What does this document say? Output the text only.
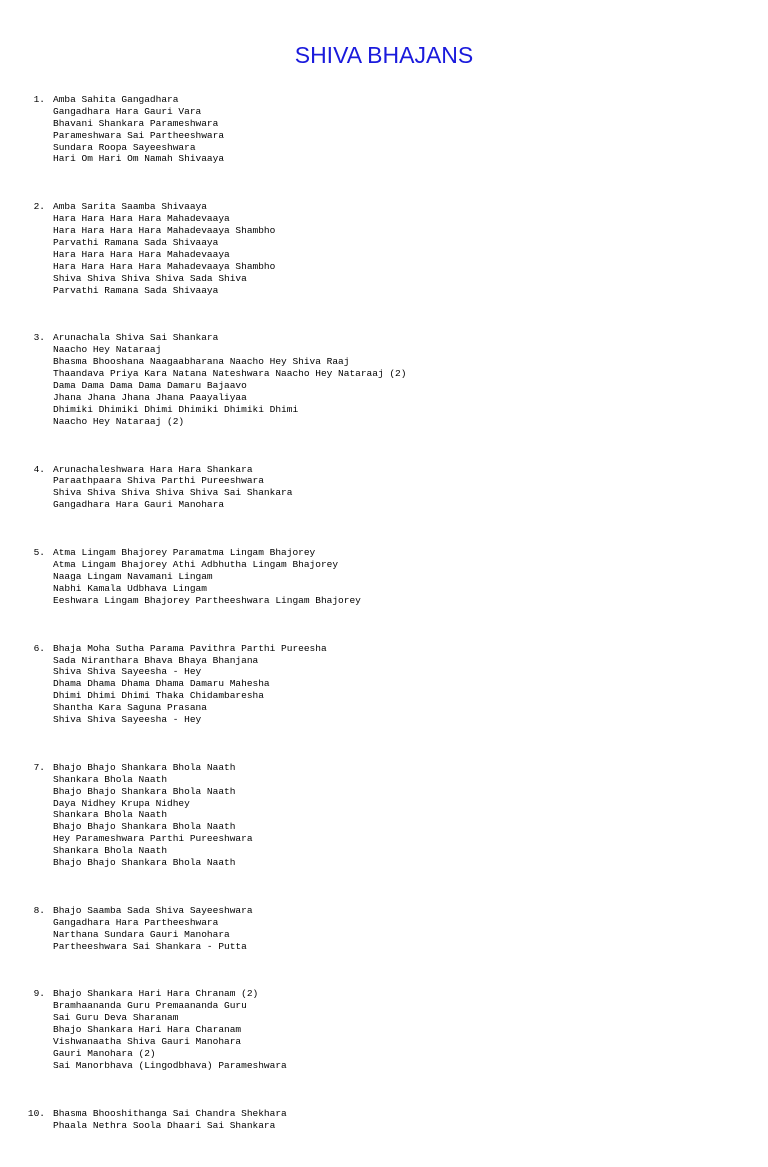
SHIVA BHAJANS
1. Amba Sahita Gangadhara
Gangadhara Hara Gauri Vara
Bhavani Shankara Parameshwara
Parameshwara Sai Partheeshwara
Sundara Roopa Sayeeshwara
Hari Om Hari Om Namah Shivaaya
2. Amba Sarita Saamba Shivaaya
Hara Hara Hara Hara Mahadevaaya
Hara Hara Hara Hara Mahadevaaya Shambho
Parvathi Ramana Sada Shivaaya
Hara Hara Hara Hara Mahadevaaya
Hara Hara Hara Hara Mahadevaaya Shambho
Shiva Shiva Shiva Shiva Sada Shiva
Parvathi Ramana Sada Shivaaya
3. Arunachala Shiva Sai Shankara
Naacho Hey Nataraaj
Bhasma Bhooshana Naagaabharana Naacho Hey Shiva Raaj
Thaandava Priya Kara Natana Nateshwara Naacho Hey Nataraaj (2)
Dama Dama Dama Dama Damaru Bajaavo
Jhana Jhana Jhana Jhana Paayaliyaa
Dhimiki Dhimiki Dhimi Dhimiki Dhimiki Dhimi
Naacho Hey Nataraaj (2)
4. Arunachaleshwara Hara Hara Shankara
Paraathpaara Shiva Parthi Pureeshwara
Shiva Shiva Shiva Shiva Shiva Sai Shankara
Gangadhara Hara Gauri Manohara
5. Atma Lingam Bhajorey Paramatma Lingam Bhajorey
Atma Lingam Bhajorey Athi Adbhutha Lingam Bhajorey
Naaga Lingam Navamani Lingam
Nabhi Kamala Udbhava Lingam
Eeshwara Lingam Bhajorey Partheeshwara Lingam Bhajorey
6. Bhaja Moha Sutha Parama Pavithra Parthi Pureesha
Sada Niranthara Bhava Bhaya Bhanjana
Shiva Shiva Sayeesha - Hey
Dhama Dhama Dhama Dhama Damaru Mahesha
Dhimi Dhimi Dhimi Thaka Chidambaresha
Shantha Kara Saguna Prasana
Shiva Shiva Sayeesha - Hey
7. Bhajo Bhajo Shankara Bhola Naath
Shankara Bhola Naath
Bhajo Bhajo Shankara Bhola Naath
Daya Nidhey Krupa Nidhey
Shankara Bhola Naath
Bhajo Bhajo Shankara Bhola Naath
Hey Parameshwara Parthi Pureeshwara
Shankara Bhola Naath
Bhajo Bhajo Shankara Bhola Naath
8. Bhajo Saamba Sada Shiva Sayeeshwara
Gangadhara Hara Partheeshwara
Narthana Sundara Gauri Manohara
Partheeshwara Sai Shankara - Putta
9. Bhajo Shankara Hari Hara Chranam (2)
Bramhaananda Guru Premaananda Guru
Sai Guru Deva Sharanam
Bhajo Shankara Hari Hara Charanam
Vishwanaatha Shiva Gauri Manohara
Gauri Manohara (2)
Sai Manorbhava (Lingodbhava) Parameshwara
10. Bhasma Bhooshithanga Sai Chandra Shekhara
Phaala Nethra Soola Dhaari Sai Shankara
